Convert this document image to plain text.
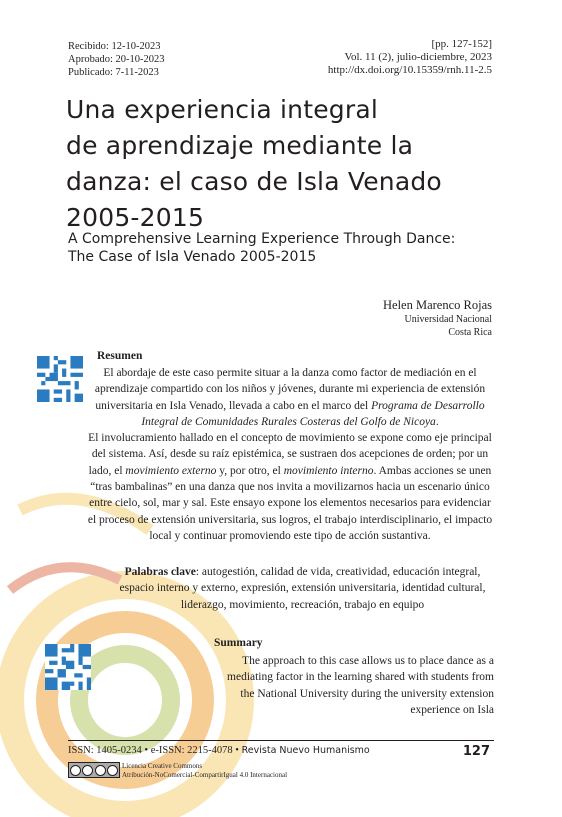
Recibido: 12-10-2023
Aprobado: 20-10-2023
Publicado: 7-11-2023
[pp. 127-152]
Vol. 11 (2), julio-diciembre, 2023
http://dx.doi.org/10.15359/rnh.11-2.5
Una experiencia integral
de aprendizaje mediante la
danza: el caso de Isla Venado
2005-2015
A Comprehensive Learning Experience Through Dance:
The Case of Isla Venado 2005-2015
Helen Marenco Rojas
Universidad Nacional
Costa Rica
Resumen

El abordaje de este caso permite situar a la danza como factor de mediación en el aprendizaje compartido con los niños y jóvenes, durante mi experiencia de extensión universitaria en Isla Venado, llevada a cabo en el marco del Programa de Desarrollo Integral de Comunidades Rurales Costeras del Golfo de Nicoya.

El involucramiento hallado en el concepto de movimiento se expone como eje principal del sistema. Así, desde su raíz epistémica, se sustraen dos acepciones de orden; por un lado, el movimiento externo y, por otro, el movimiento interno. Ambas acciones se unen “tras bambalinas” en una danza que nos invita a movilizarnos hacia un escenario único entre cielo, sol, mar y sal. Este ensayo expone los elementos necesarios para evidenciar el proceso de extensión universitaria, sus logros, el trabajo interdisciplinario, el impacto local y continuar promoviendo este tipo de acción sustantiva.

Palabras clave: autogestión, calidad de vida, creatividad, educación integral, espacio interno y externo, expresión, extensión universitaria, identidad cultural, liderazgo, movimiento, recreación, trabajo en equipo
Summary

The approach to this case allows us to place dance as a mediating factor in the learning shared with students from the National University during the university extension experience on Isla

ISSN: 1405-0234 • e-ISSN: 2215-4078 • Revista Nuevo Humanismo	127
Licencia Creative Commons
Atribución-NoComercial-CompartirIgual 4.0 Internacional
